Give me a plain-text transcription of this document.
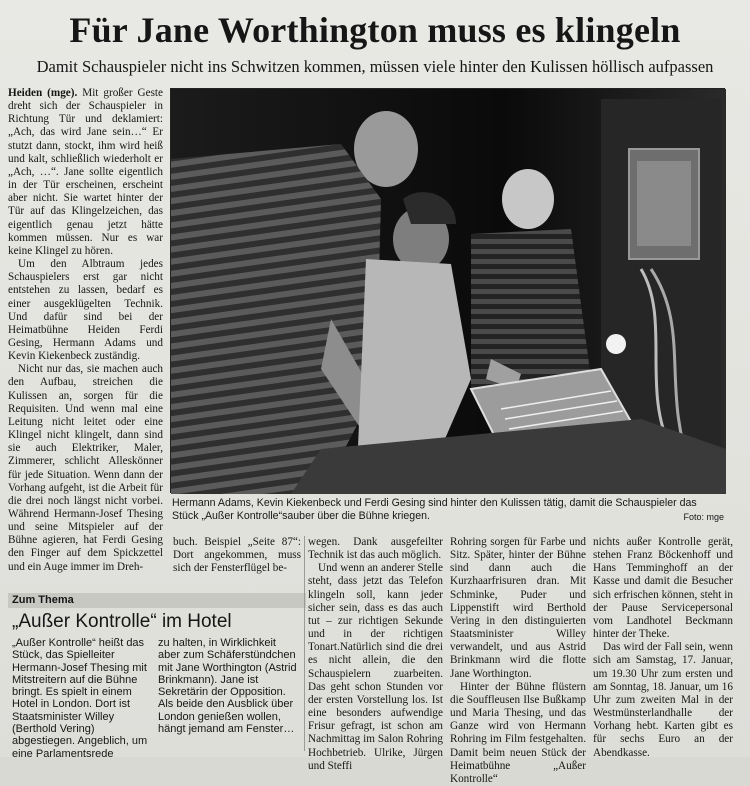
Für Jane Worthington muss es klingeln
Damit Schauspieler nicht ins Schwitzen kommen, müssen viele hinter den Kulissen höllisch aufpassen

Heiden (mge). Mit großer Geste dreht sich der Schauspieler in Richtung Tür und deklamiert: „Ach, das wird Jane sein…“ Er stutzt dann, stockt, ihm wird heiß und kalt, schließlich wiederholt er „Ach, …“. Jane sollte eigentlich in der Tür erscheinen, erscheint aber nicht. Sie wartet hinter der Tür auf das Klingelzeichen, das eigentlich genau jetzt hätte kommen müssen. Nur es war keine Klingel zu hören.

Um den Albtraum jedes Schauspielers erst gar nicht entstehen zu lassen, bedarf es einer ausgeklügelten Technik. Und dafür sind bei der Heimatbühne Heiden Ferdi Gesing, Hermann Adams und Kevin Kiekenbeck zuständig.

Nicht nur das, sie machen auch den Aufbau, streichen die Kulissen an, sorgen für die Requisiten. Und wenn mal eine Leitung nicht leitet oder eine Klingel nicht klingelt, dann sind sie auch Elektriker, Maler, Zimmerer, schlicht Alleskönner für jede Situation. Wenn dann der Vorhang aufgeht, ist die Arbeit für die drei noch längst nicht vorbei. Während Hermann-Josef Thesing und seine Mitspieler auf der Bühne agieren, hat Ferdi Gesing den Finger auf dem Spickzettel und ein Auge immer im Dreh-

Hermann Adams, Kevin Kiekenbeck und Ferdi Gesing sind hinter den Kulissen tätig, damit die Schauspieler das Stück „Außer Kontrolle“sauber über die Bühne kriegen.	Foto: mge

buch. Beispiel „Seite 87“: Dort angekommen, muss sich der Fensterflügel be-

wegen. Dank ausgefeilter Technik ist das auch möglich.

Und wenn an anderer Stelle steht, dass jetzt das Telefon klingeln soll, kann jeder sicher sein, dass es das auch tut – zur richtigen Sekunde und in der richtigen Tonart.Natürlich sind die drei es nicht allein, die den Schauspielern zuarbeiten. Das geht schon Stunden vor der ersten Vorstellung los. Ist eine besonders aufwendige Frisur gefragt, ist schon am Nachmittag im Salon Rohring Hochbetrieb. Ulrike, Jürgen und Steffi

Rohring sorgen für Farbe und Sitz. Später, hinter der Bühne sind dann auch die Kurzhaarfrisuren dran. Mit Schminke, Puder und Lippenstift wird Berthold Vering in den distinguierten Staatsminister Willey verwandelt, und aus Astrid Brinkmann wird die flotte Jane Worthington.

Hinter der Bühne flüstern die Souffleusen Ilse Bußkamp und Maria Thesing, und das Ganze wird von Hermann Rohring im Film festgehalten. Damit beim neuen Stück der Heimatbühne „Außer Kontrolle“

nichts außer Kontrolle gerät, stehen Franz Böckenhoff und Hans Temminghoff an der Kasse und damit die Besucher sich erfrischen können, steht in der Pause Servicepersonal vom Landhotel Beckmann hinter der Theke.

Das wird der Fall sein, wenn sich am Samstag, 17. Januar, um 19.30 Uhr zum ersten und am Sonntag, 18. Januar, um 16 Uhr zum zweiten Mal in der Westmünsterlandhalle der Vorhang hebt. Karten gibt es für sechs Euro an der Abendkasse.

Zum Thema
„Außer Kontrolle“ im Hotel
„Außer Kontrolle“ heißt das Stück, das Spielleiter Hermann-Josef Thesing mit Mitstreitern auf die Bühne bringt. Es spielt in einem Hotel in London. Dort ist Staatsminister Willey (Berthold Vering) abgestiegen. Angeblich, um eine Parlamentsrede
zu halten, in Wirklichkeit aber zum Schäferstündchen mit Jane Worthington (Astrid Brinkmann). Jane ist Sekretärin der Opposition. Als beide den Ausblick über London genießen wollen, hängt jemand am Fenster…
